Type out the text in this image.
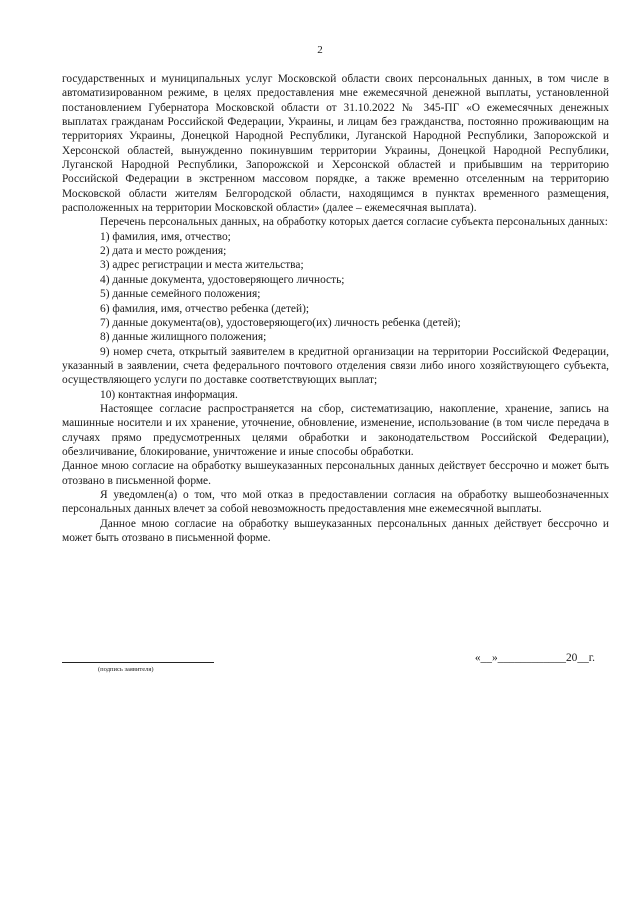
2

государственных и муниципальных услуг Московской области своих персональных данных, в том числе в автоматизированном режиме, в целях предоставления мне ежемесячной денежной выплаты, установленной постановлением Губернатора Московской области от 31.10.2022 № 345-ПГ «О ежемесячных денежных выплатах гражданам Российской Федерации, Украины, и лицам без гражданства, постоянно проживающим на территориях Украины, Донецкой Народной Республики, Луганской Народной Республики, Запорожской и Херсонской областей, вынужденно покинувшим территории Украины, Донецкой Народной Республики, Луганской Народной Республики, Запорожской и Херсонской областей и прибывшим на территорию Российской Федерации в экстренном массовом порядке, а также временно отселенным на территорию Московской области жителям Белгородской области, находящимся в пунктах временного размещения, расположенных на территории Московской области» (далее – ежемесячная выплата).

Перечень персональных данных, на обработку которых дается согласие субъекта персональных данных:

1) фамилия, имя, отчество;
2) дата и место рождения;
3) адрес регистрации и места жительства;
4) данные документа, удостоверяющего личность;
5) данные семейного положения;
6) фамилия, имя, отчество ребенка (детей);
7) данные документа(ов), удостоверяющего(их) личность ребенка (детей);
8) данные жилищного положения;
9) номер счета, открытый заявителем в кредитной организации на территории Российской Федерации, указанный в заявлении, счета федерального почтового отделения связи либо иного хозяйствующего субъекта, осуществляющего услуги по доставке соответствующих выплат;
10) контактная информация.

Настоящее согласие распространяется на сбор, систематизацию, накопление, хранение, запись на машинные носители и их хранение, уточнение, обновление, изменение, использование (в том числе передача в случаях прямо предусмотренных целями обработки и законодательством Российской Федерации), обезличивание, блокирование, уничтожение и иные способы обработки.

Данное мною согласие на обработку вышеуказанных персональных данных действует бессрочно и может быть отозвано в письменной форме.

Я уведомлен(а) о том, что мой отказ в предоставлении согласия на обработку вышеобозначенных персональных данных влечет за собой невозможность предоставления мне ежемесячной выплаты.

Данное мною согласие на обработку вышеуказанных персональных данных действует бессрочно и может быть отозвано в письменной форме.

(подпись заявителя)
«__»____________20__г.
